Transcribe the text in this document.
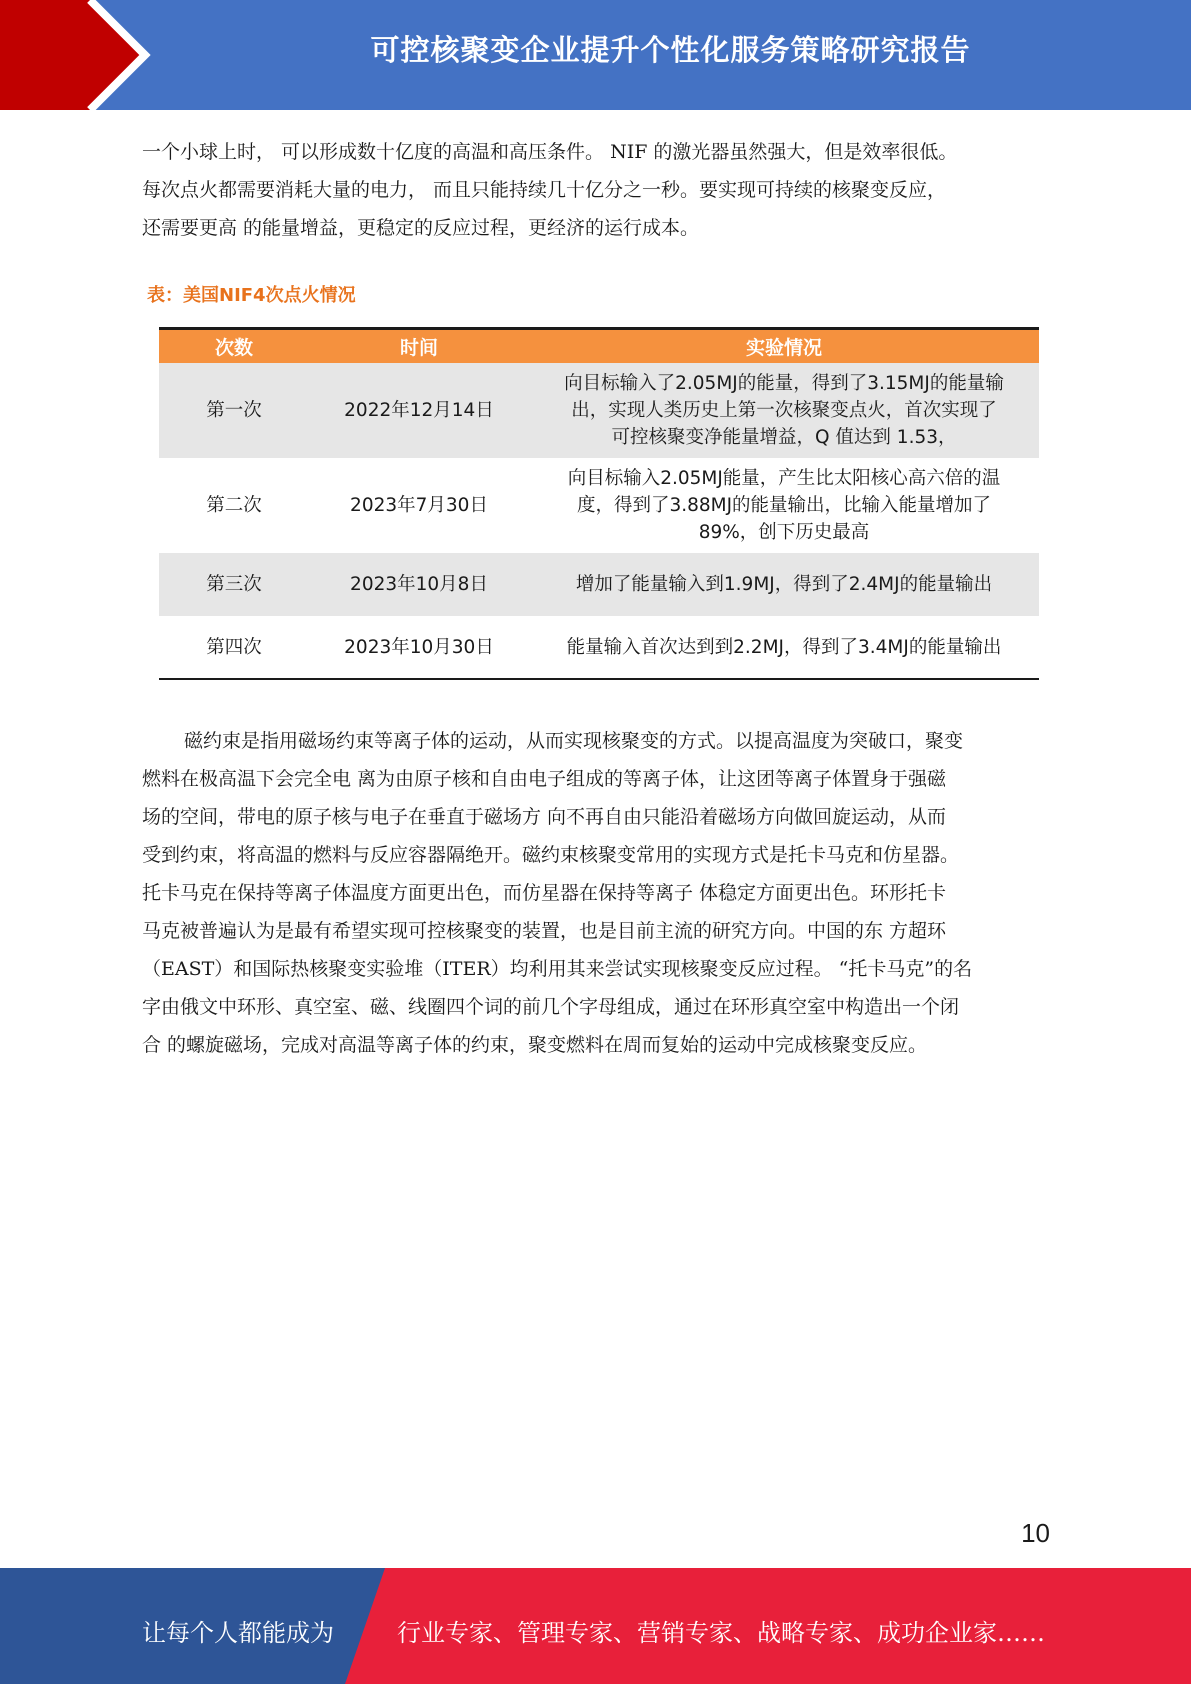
可控核聚变企业提升个性化服务策略研究报告
一个小球上时， 可以形成数十亿度的高温和高压条件。 NIF 的激光器虽然强大，但是效率很低。
每次点火都需要消耗大量的电力， 而且只能持续几十亿分之一秒。要实现可持续的核聚变反应，
还需要更高 的能量增益，更稳定的反应过程，更经济的运行成本。
表：美国NIF4次点火情况
次数	时间	实验情况
第一次	2022年12月14日	向目标输入了2.05MJ的能量，得到了3.15MJ的能量输
出，实现人类历史上第一次核聚变点火，首次实现了
可控核聚变净能量增益，Q 值达到 1.53，

第二次	2023年7月30日	向目标输入2.05MJ能量，产生比太阳核心高六倍的温
度，得到了3.88MJ的能量输出，比输入能量增加了
89%，创下历史最高

第三次	2023年10月8日	增加了能量输入到1.9MJ，得到了2.4MJ的能量输出

第四次	2023年10月30日	能量输入首次达到到2.2MJ，得到了3.4MJ的能量输出
磁约束是指用磁场约束等离子体的运动，从而实现核聚变的方式。以提高温度为突破口，聚变
燃料在极高温下会完全电 离为由原子核和自由电子组成的等离子体，让这团等离子体置身于强磁
场的空间，带电的原子核与电子在垂直于磁场方 向不再自由只能沿着磁场方向做回旋运动，从而
受到约束，将高温的燃料与反应容器隔绝开。磁约束核聚变常用的实现方式是托卡马克和仿星器。
托卡马克在保持等离子体温度方面更出色，而仿星器在保持等离子 体稳定方面更出色。环形托卡
马克被普遍认为是最有希望实现可控核聚变的装置，也是目前主流的研究方向。中国的东 方超环
（EAST）和国际热核聚变实验堆（ITER）均利用其来尝试实现核聚变反应过程。 “托卡马克”的名
字由俄文中环形、真空室、磁、线圈四个词的前几个字母组成，通过在环形真空室中构造出一个闭
合 的螺旋磁场，完成对高温等离子体的约束，聚变燃料在周而复始的运动中完成核聚变反应。
10
让每个人都能成为	行业专家、管理专家、营销专家、战略专家、成功企业家……
